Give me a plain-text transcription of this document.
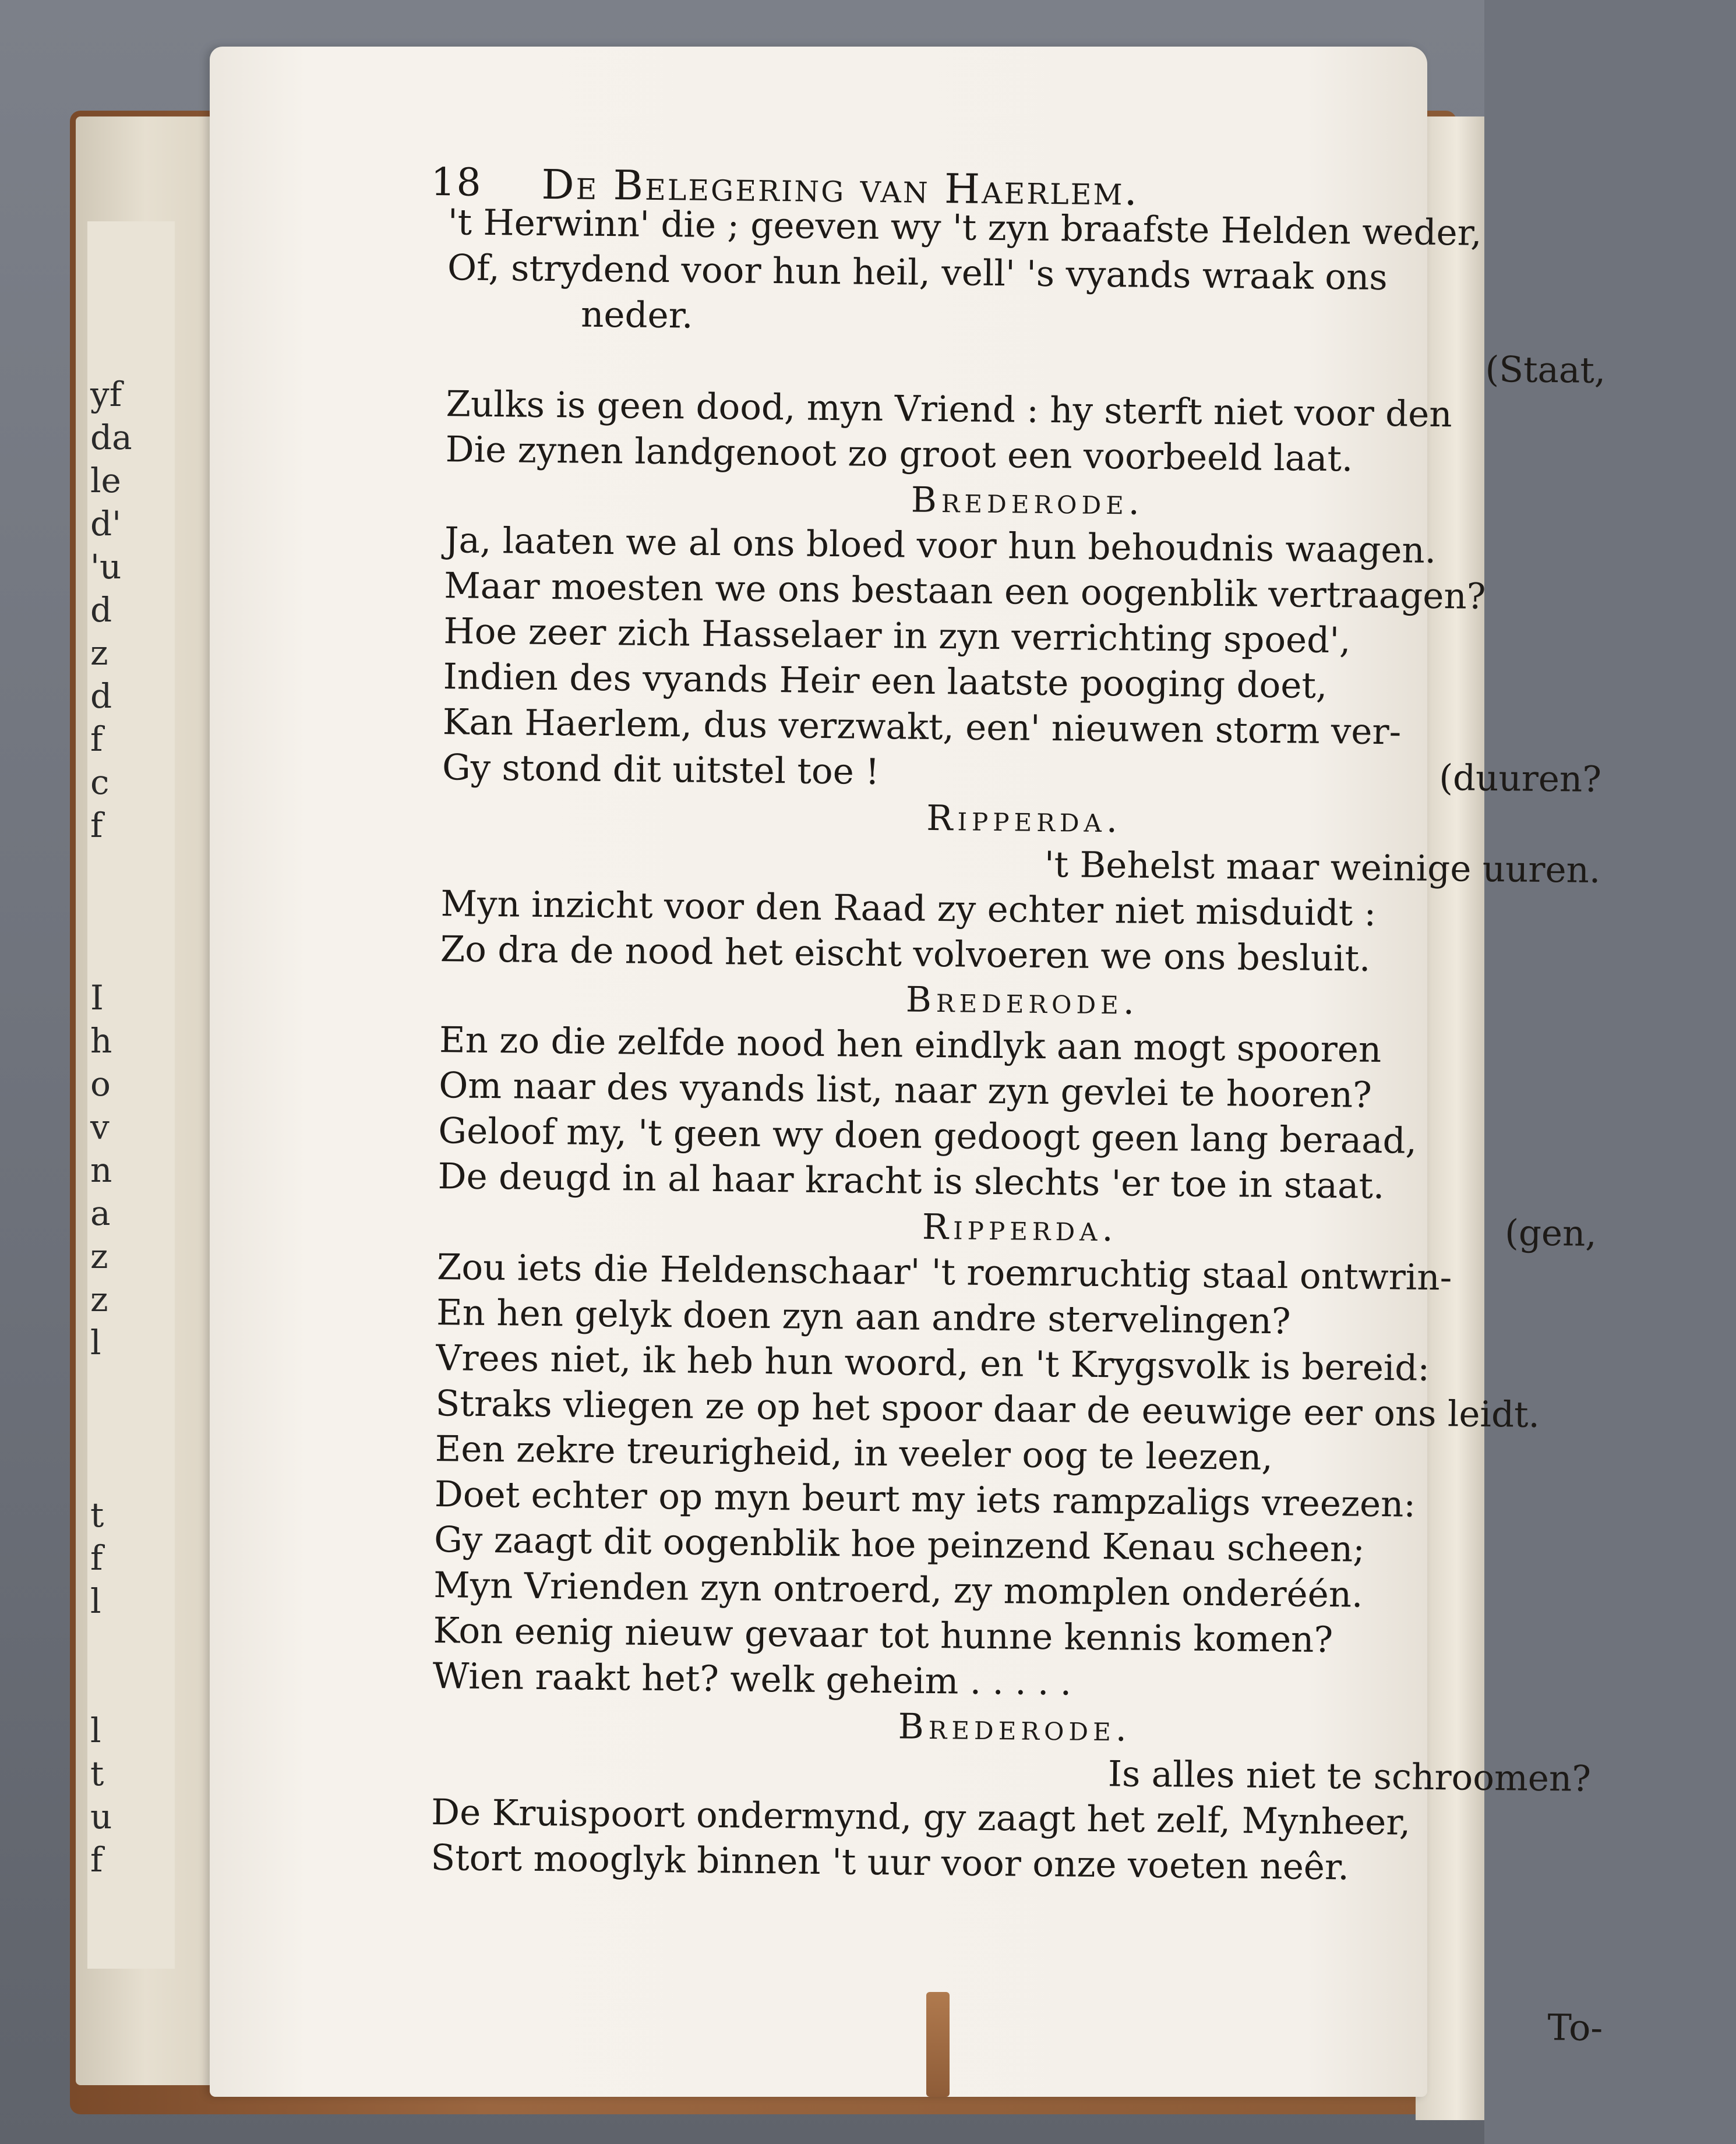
yf
da
le
d'
'u
d
z
d
f
c
f

I
h
o
v
n
a
z
z
l

t
f
l

l
t
u
f
18 De Belegering van Haerlem.
't Herwinn' die ; geeven wy 't zyn braafste Helden weder,
Of, strydend voor hun heil, vell' 's vyands wraak ons
neder.
(Staat,
Zulks is geen dood, myn Vriend : hy sterft niet voor den
Die zynen landgenoot zo groot een voorbeeld laat.
Brederode.
Ja, laaten we al ons bloed voor hun behoudnis waagen.
Maar moesten we ons bestaan een oogenblik vertraagen?
Hoe zeer zich Hasselaer in zyn verrichting spoed',
Indien des vyands Heir een laatste pooging doet,
Kan Haerlem, dus verzwakt, een' nieuwen storm ver-
Gy stond dit uitstel toe !	(duuren?
Ripperda.
't Behelst maar weinige uuren.
Myn inzicht voor den Raad zy echter niet misduidt :
Zo dra de nood het eischt volvoeren we ons besluit.
Brederode.
En zo die zelfde nood hen eindlyk aan mogt spooren
Om naar des vyands list, naar zyn gevlei te hooren?
Geloof my, 't geen wy doen gedoogt geen lang beraad,
De deugd in al haar kracht is slechts 'er toe in staat.
Ripperda.	(gen,
Zou iets die Heldenschaar' 't roemruchtig staal ontwrin-
En hen gelyk doen zyn aan andre stervelingen?
Vrees niet, ik heb hun woord, en 't Krygsvolk is bereid:
Straks vliegen ze op het spoor daar de eeuwige eer ons leidt.
Een zekre treurigheid, in veeler oog te leezen,
Doet echter op myn beurt my iets rampzaligs vreezen:
Gy zaagt dit oogenblik hoe peinzend Kenau scheen;
Myn Vrienden zyn ontroerd, zy momplen onderéén.
Kon eenig nieuw gevaar tot hunne kennis komen?
Wien raakt het? welk geheim . . . . .
Brederode.
Is alles niet te schroomen?
De Kruispoort ondermynd, gy zaagt het zelf, Mynheer,
Stort mooglyk binnen 't uur voor onze voeten neêr.
To-
